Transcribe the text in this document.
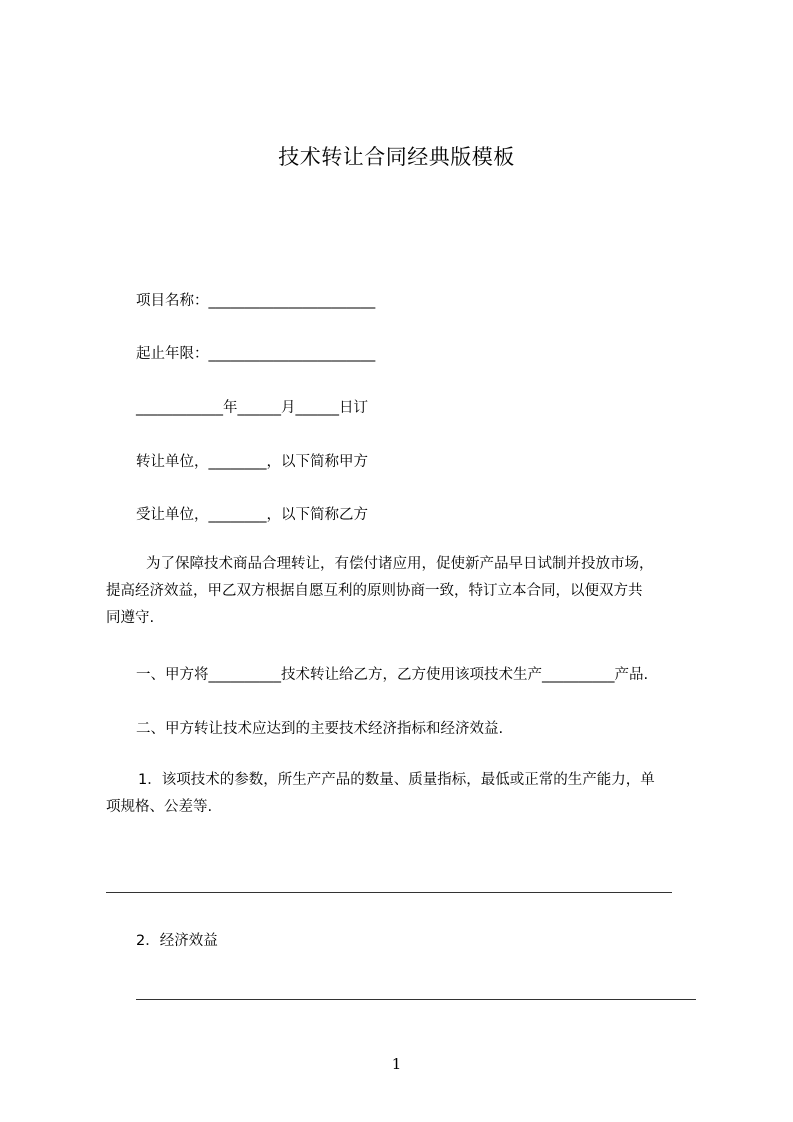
技术转让合同经典版模板
项目名称：_______________________
起止年限：_______________________
____________年______月______日订
转让单位，________，以下简称甲方
受让单位，________，以下简称乙方
为了保障技术商品合理转让，有偿付诸应用，促使新产品早日试制并投放市场，
提高经济效益，甲乙双方根据自愿互利的原则协商一致，特订立本合同，以便双方共
同遵守.
一、甲方将__________技术转让给乙方，乙方使用该项技术生产__________产品.
二、甲方转让技术应达到的主要技术经济指标和经济效益.
1．该项技术的参数，所生产产品的数量、质量指标，最低或正常的生产能力，单
项规格、公差等.
2．经济效益
1
